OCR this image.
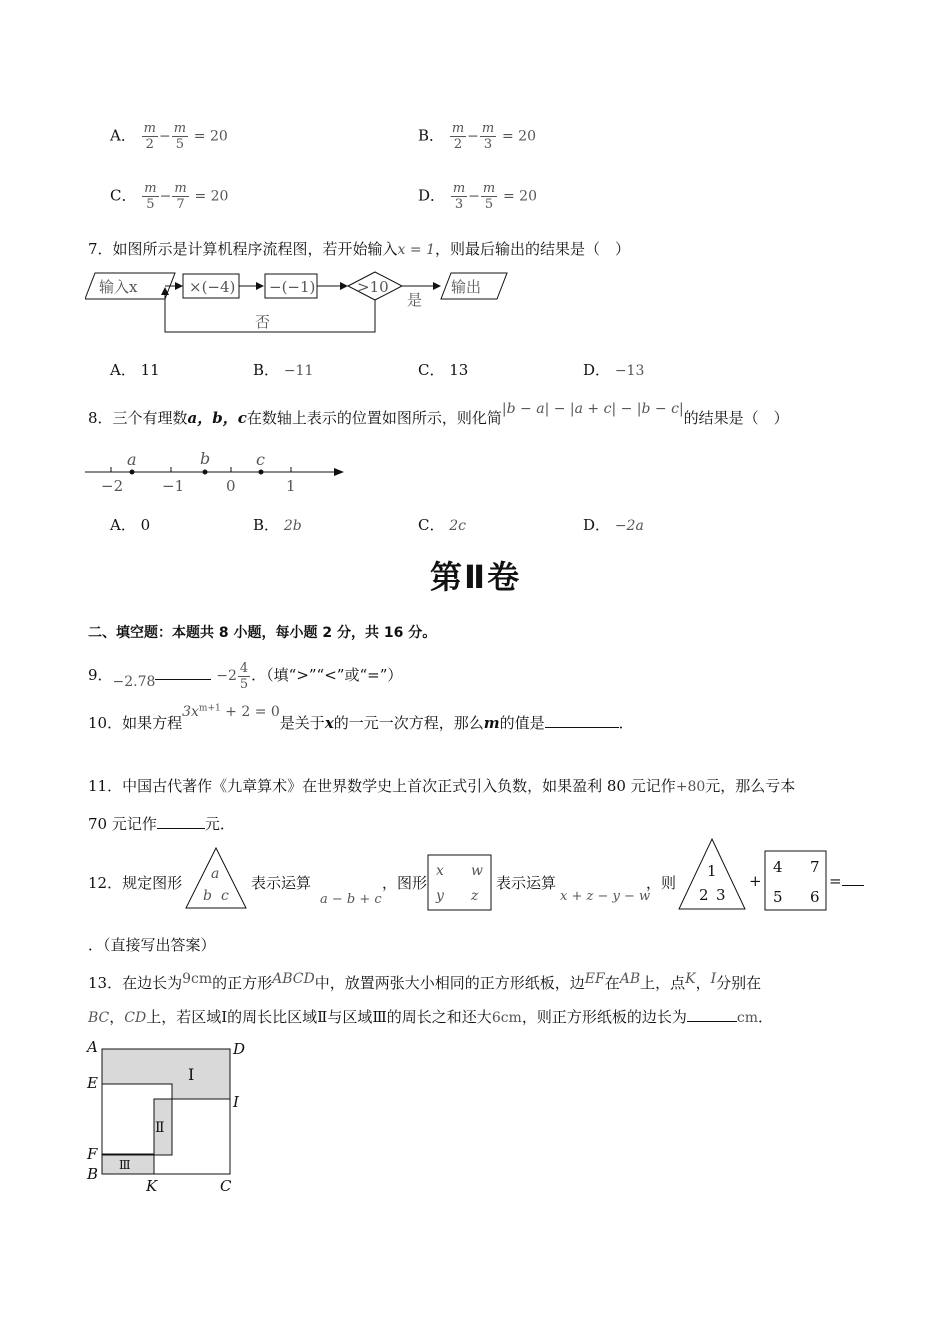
A． $\frac{m}{2} - \frac{m}{5} = 20$	B． $\frac{m}{2} - \frac{m}{3} = 20$
C． $\frac{m}{5} - \frac{m}{7} = 20$	D． $\frac{m}{3} - \frac{m}{5} = 20$
7．如图所示是计算机程序流程图，若开始输入x = 1，则最后输出的结果是（　）
输入x	×(−4) −(−1)	>10
是
输出
否
A． 11	B． −11	C． 13	D． −13
8．三个有理数a，b，c在数轴上表示的位置如图所示，则化简|b − a| − |a + c| − |b − c|的结果是（　）
−2	−1	0	1
a	b	c
A． 0	B． 2b	C． 2c	D． −2a
第Ⅱ卷
二、填空题：本题共 8 小题，每小题 2 分，共 16 分。
9．−2.78	$-2 \frac{4}{5}$ ．（填“>”“<”或“=”）
10．如果方程$3x^{m+1} + 2 = 0$是关于x的一元一次方程，那么m的值是	．
11．中国古代著作《九章算术》在世界数学史上首次正式引入负数，如果盈利 80 元记作+80元，那么亏本
70 元记作	元．
12．规定图形 a
b c
表示运算
a − b + c
，图形
x w
y z
表示运算
x + z − y − w
，则
1
2 3
+
4 7
5 6
=
．（直接写出答案）
13．在边长为9cm的正方形ABCD中，放置两张大小相同的正方形纸板，边EF在AB上，点K，I分别在
BC，CD上，若区域Ⅰ的周长比区域Ⅱ与区域Ⅲ的周长之和还大6cm，则正方形纸板的边长为	cm．
A	D
E
I
F
B
K	C
Ⅰ
Ⅱ
Ⅲ
